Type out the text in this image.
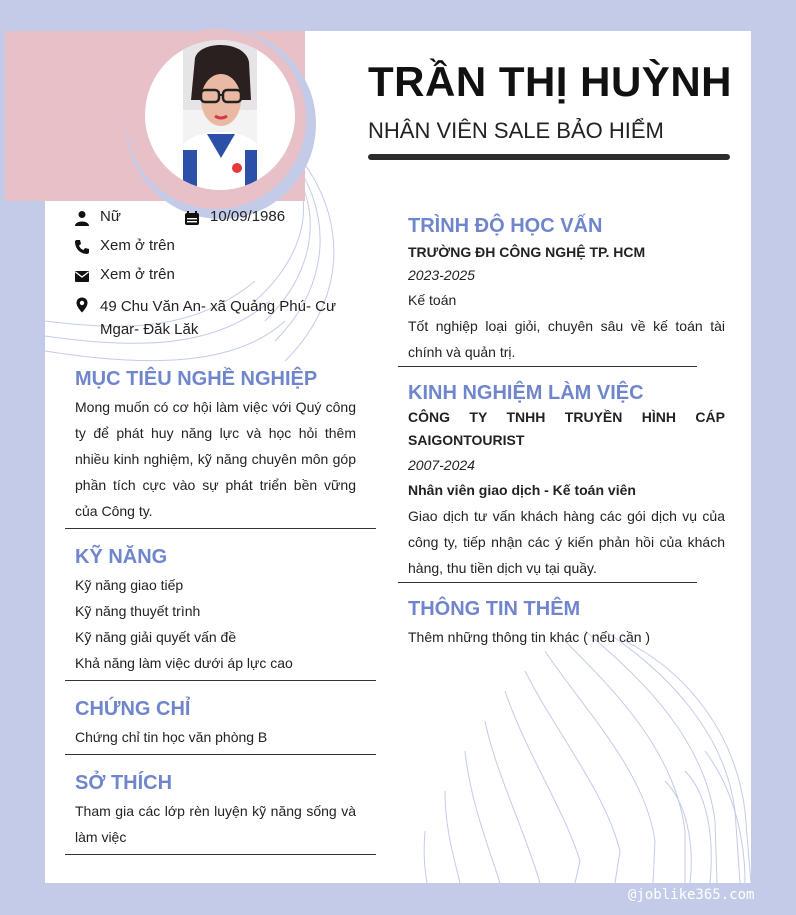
TRẦN THỊ HUỲNH
NHÂN VIÊN SALE BẢO HIỂM
Nữ	10/09/1986
Xem ở trên
Xem ở trên
49 Chu Văn An- xã Quảng Phú- Cư
Mgar- Đăk Lăk
MỤC TIÊU NGHỀ NGHIỆP
Mong muốn có cơ hội làm việc với Quý công ty để phát huy năng lực và học hỏi thêm nhiều kinh nghiệm, kỹ năng chuyên môn góp phần tích cực vào sự phát triển bền vững của Công ty.
KỸ NĂNG
Kỹ năng giao tiếp
Kỹ năng thuyết trình
Kỹ năng giải quyết vấn đề
Khả năng làm việc dưới áp lực cao
CHỨNG CHỈ
Chứng chỉ tin học văn phòng B
SỞ THÍCH
Tham gia các lớp rèn luyện kỹ năng sống và làm việc
TRÌNH ĐỘ HỌC VẤN
TRƯỜNG ĐH CÔNG NGHỆ TP. HCM
2023-2025
Kế toán
Tốt nghiệp loại giỏi, chuyên sâu về kế toán tài chính và quản trị.
KINH NGHIỆM LÀM VIỆC
CÔNG TY TNHH TRUYỀN HÌNH CÁP SAIGONTOURIST
2007-2024
Nhân viên giao dịch - Kế toán viên
Giao dịch tư vấn khách hàng các gói dịch vụ của công ty, tiếp nhận các ý kiến phản hồi của khách hàng, thu tiền dịch vụ tại quầy.
THÔNG TIN THÊM
Thêm những thông tin khác ( nếu cần )
@joblike365.com
